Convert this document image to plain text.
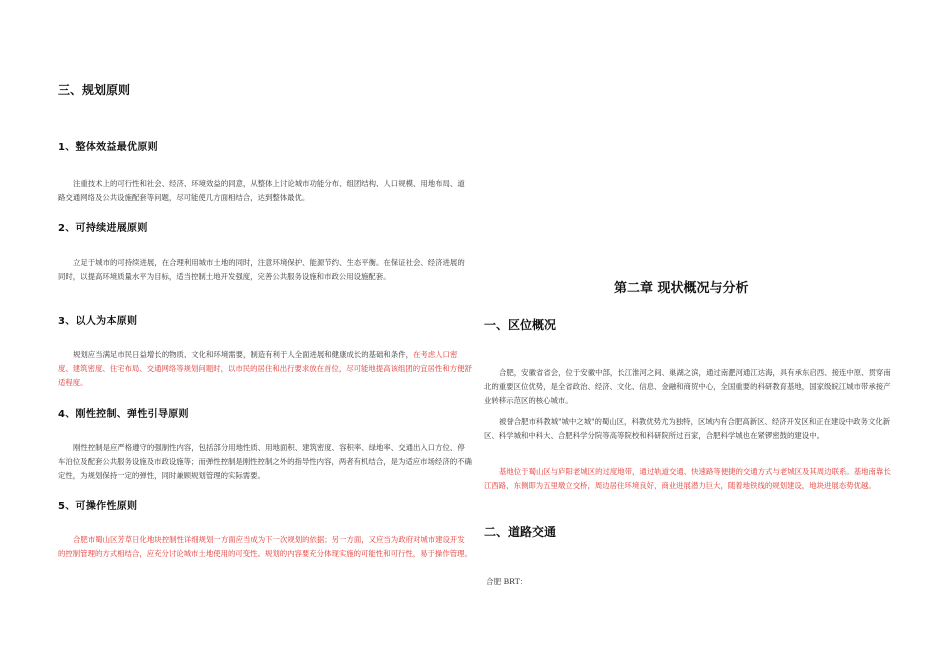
三、规划原则
1、整体效益最优原则

注重技术上的可行性和社会、经济、环境效益的同意，从整体上讨论城市功能分布、组团结构、人口规模、用地布局、道路交通网络及公共设施配套等问题，尽可能使几方面相结合，达到整体最优。

2、可持续进展原则

立足于城市的可持续进展，在合理利用城市土地的同时，注意环境保护、能源节约、生态平衡。在保证社会、经济进展的同时，以提高环境质量水平为目标，适当控制土地开发强度，完善公共服务设施和市政公用设施配套。

3、以人为本原则

规划应当满足市民日益增长的物质、文化和环境需要，制造有利于人全面进展和健康成长的基础和条件，在考虑人口密度、建筑密度、住宅布局、交通网络等规划问题时，以市民的居住和出行要求放在首位，尽可能地提高该组团的宜居性和方便舒适程度。

4、刚性控制、弹性引导原则

刚性控制是应严格遵守的强制性内容，包括部分用地性质、用地面积、建筑密度、容积率、绿地率、交通出入口方位、停车泊位及配套公共服务设施及市政设施等；而弹性控制是刚性控制之外的指导性内容，两者有机结合，是为适应市场经济的不确定性，为规划保持一定的弹性，同时兼顾规划管理的实际需要。

5、可操作性原则

合肥市蜀山区芳草日化地块控制性详细规划一方面应当成为下一次规划的依据；另一方面，又应当为政府对城市建设开发的控制管理的方式相结合，应充分讨论城市土地使用的可变性。规划的内容要充分体现实施的可能性和可行性，易于操作管理。

第二章 现状概况与分析
一、区位概况

合肥，安徽省省会，位于安徽中部，长江淮河之间、巢湖之滨，通过南淝河通江达海，具有承东启西、接连中原、贯穿南北的重要区位优势，是全省政治、经济、文化、信息、金融和商贸中心，全国重要的科研教育基地，国家级皖江城市带承接产业转移示范区的核心城市。

被誉合肥市科教城"城中之城"的蜀山区，科教优势尤为独特，区域内有合肥高新区、经济开发区和正在建设中政务文化新区、科学城和中科大、合肥科学分院等高等院校和科研院所过百家，合肥科学城也在紧锣密鼓的建设中。

基地位于蜀山区与庐阳老城区的过度地带，通过轨道交通、快速路等便捷的交通方式与老城区及其周边联系。基地南靠长江西路，东侧即为五里墩立交桥，周边居住环境良好，商业进展潜力巨大，随着地铁线的规划建设，地块进展态势优越。

二、道路交通

合肥 BRT：
